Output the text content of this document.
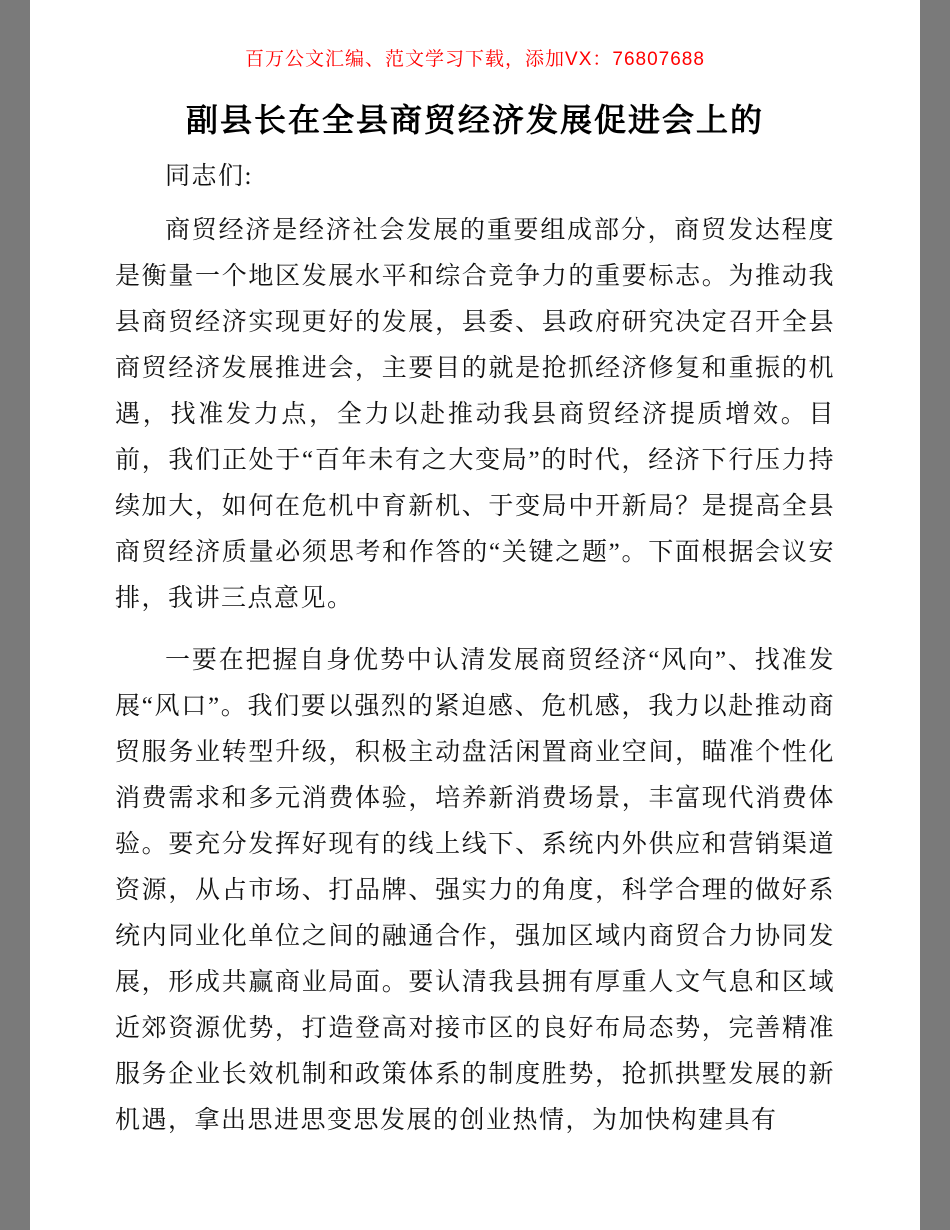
百万公文汇编、范文学习下载，添加VX：76807688
副县长在全县商贸经济发展促进会上的

同志们:

商贸经济是经济社会发展的重要组成部分，商贸发达程度是衡量一个地区发展水平和综合竞争力的重要标志。为推动我县商贸经济实现更好的发展，县委、县政府研究决定召开全县商贸经济发展推进会，主要目的就是抢抓经济修复和重振的机遇，找准发力点，全力以赴推动我县商贸经济提质增效。目前，我们正处于“百年未有之大变局”的时代，经济下行压力持续加大，如何在危机中育新机、于变局中开新局？是提高全县商贸经济质量必须思考和作答的“关键之题”。下面根据会议安排，我讲三点意见。

一要在把握自身优势中认清发展商贸经济“风向”、找准发展“风口”。我们要以强烈的紧迫感、危机感，我力以赴推动商贸服务业转型升级，积极主动盘活闲置商业空间，瞄准个性化消费需求和多元消费体验，培养新消费场景，丰富现代消费体验。要充分发挥好现有的线上线下、系统内外供应和营销渠道资源，从占市场、打品牌、强实力的角度，科学合理的做好系统内同业化单位之间的融通合作，强加区域内商贸合力协同发展，形成共赢商业局面。要认清我县拥有厚重人文气息和区域近郊资源优势，打造登高对接市区的良好布局态势，完善精准服务企业长效机制和政策体系的制度胜势，抢抓拱墅发展的新机遇，拿出思进思变思发展的创业热情，为加快构建具有
